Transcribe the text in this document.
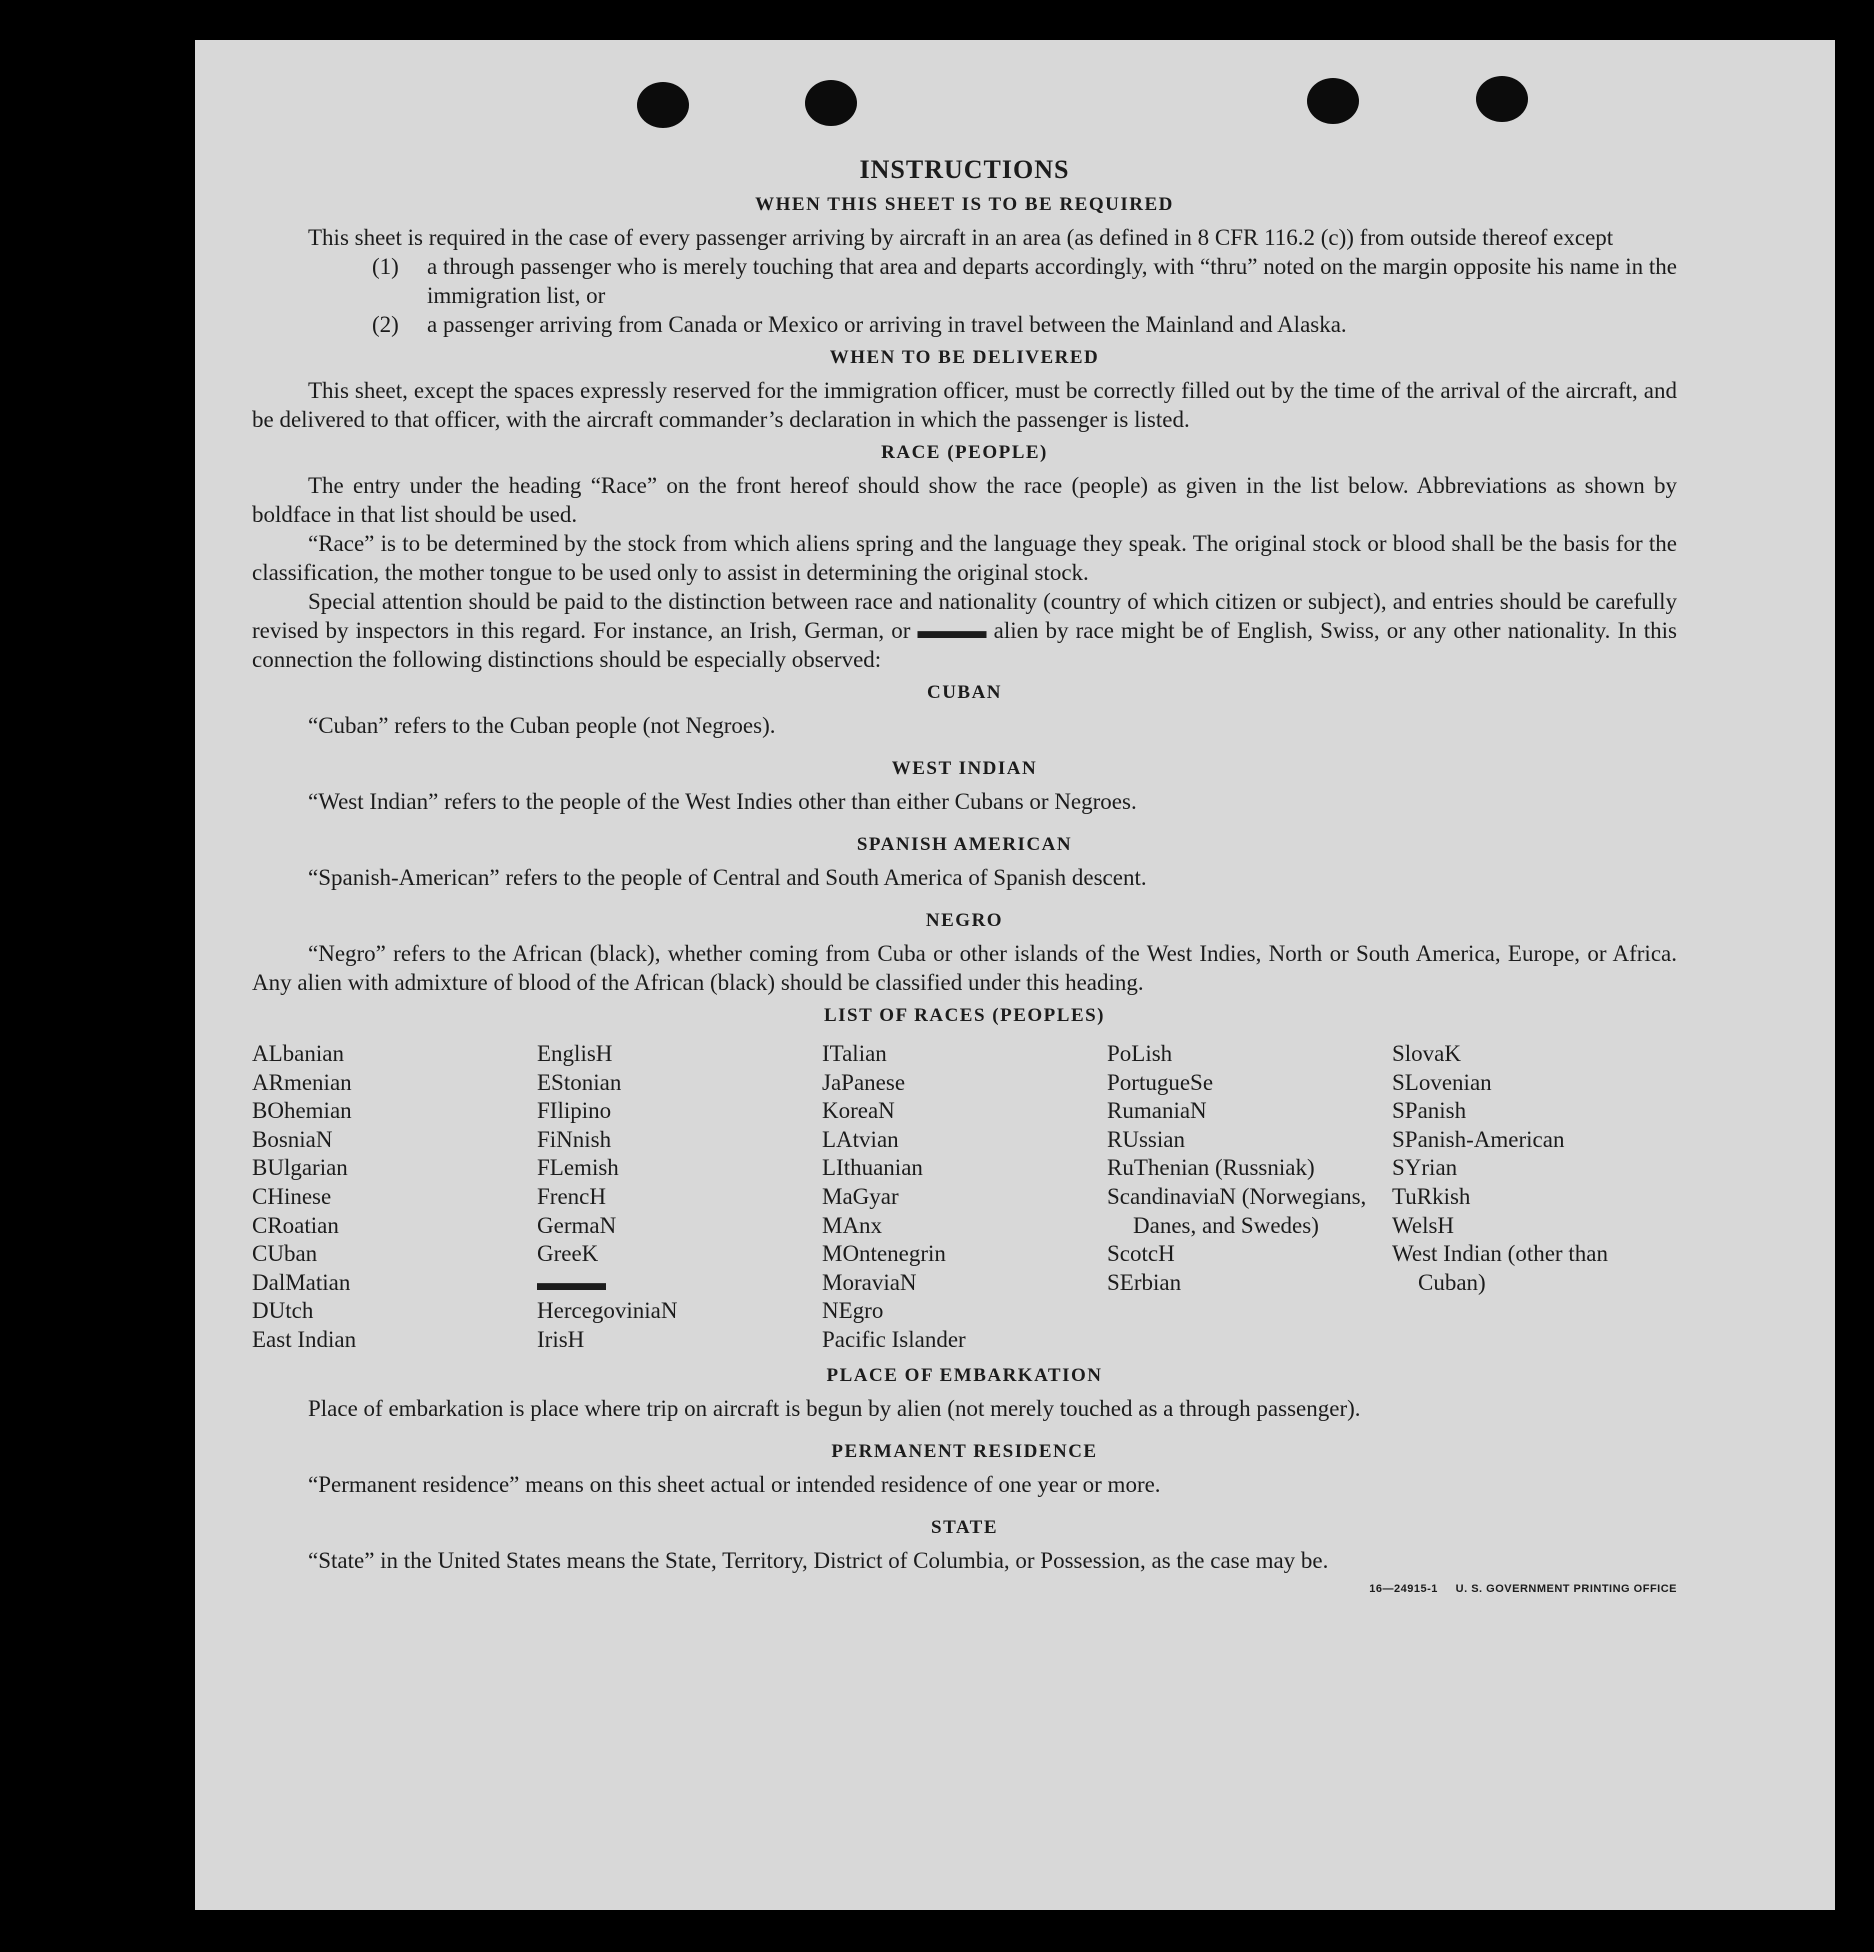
INSTRUCTIONS
WHEN THIS SHEET IS TO BE REQUIRED

This sheet is required in the case of every passenger arriving by aircraft in an area (as defined in 8 CFR 116.2 (c)) from outside thereof except

(1)	a through passenger who is merely touching that area and departs accordingly, with “thru” noted on the margin opposite his name in the immigration list, or
(2)	a passenger arriving from Canada or Mexico or arriving in travel between the Mainland and Alaska.
WHEN TO BE DELIVERED

This sheet, except the spaces expressly reserved for the immigration officer, must be correctly filled out by the time of the arrival of the aircraft, and be delivered to that officer, with the aircraft commander’s declaration in which the passenger is listed.

RACE (PEOPLE)

The entry under the heading “Race” on the front hereof should show the race (people) as given in the list below. Abbreviations as shown by boldface in that list should be used.

“Race” is to be determined by the stock from which aliens spring and the language they speak. The original stock or blood shall be the basis for the classification, the mother tongue to be used only to assist in determining the original stock.

Special attention should be paid to the distinction between race and nationality (country of which citizen or subject), and entries should be carefully revised by inspectors in this regard. For instance, an Irish, German, or ▬▬▬ alien by race might be of English, Swiss, or any other nationality. In this connection the following distinctions should be especially observed:

CUBAN

“Cuban” refers to the Cuban people (not Negroes).

WEST INDIAN

“West Indian” refers to the people of the West Indies other than either Cubans or Negroes.

SPANISH AMERICAN

“Spanish-American” refers to the people of Central and South America of Spanish descent.

NEGRO

“Negro” refers to the African (black), whether coming from Cuba or other islands of the West Indies, North or South America, Europe, or Africa. Any alien with admixture of blood of the African (black) should be classified under this heading.

LIST OF RACES (PEOPLES)

ALbanian

ARmenian

BOhemian

BosniaN

BUlgarian

CHinese

CRoatian

CUban

DalMatian

DUtch

East Indian

EnglisH

EStonian

FIlipino

FiNnish

FLemish

FrencH

GermaN

GreeK

▬▬▬

HercegoviniaN

IrisH

ITalian

JaPanese

KoreaN

LAtvian

LIthuanian

MaGyar

MAnx

MOntenegrin

MoraviaN

NEgro

Pacific Islander

PoLish

PortugueSe

RumaniaN

RUssian

RuThenian (Russniak)

ScandinaviaN (Norwegians, Danes, and Swedes)

ScotcH

SErbian

SlovaK

SLovenian

SPanish

SPanish-American

SYrian

TuRkish

WelsH

West Indian (other than Cuban)

PLACE OF EMBARKATION

Place of embarkation is place where trip on aircraft is begun by alien (not merely touched as a through passenger).

PERMANENT RESIDENCE

“Permanent residence” means on this sheet actual or intended residence of one year or more.

STATE

“State” in the United States means the State, Territory, District of Columbia, or Possession, as the case may be.

16—24915-1 U. S. GOVERNMENT PRINTING OFFICE
